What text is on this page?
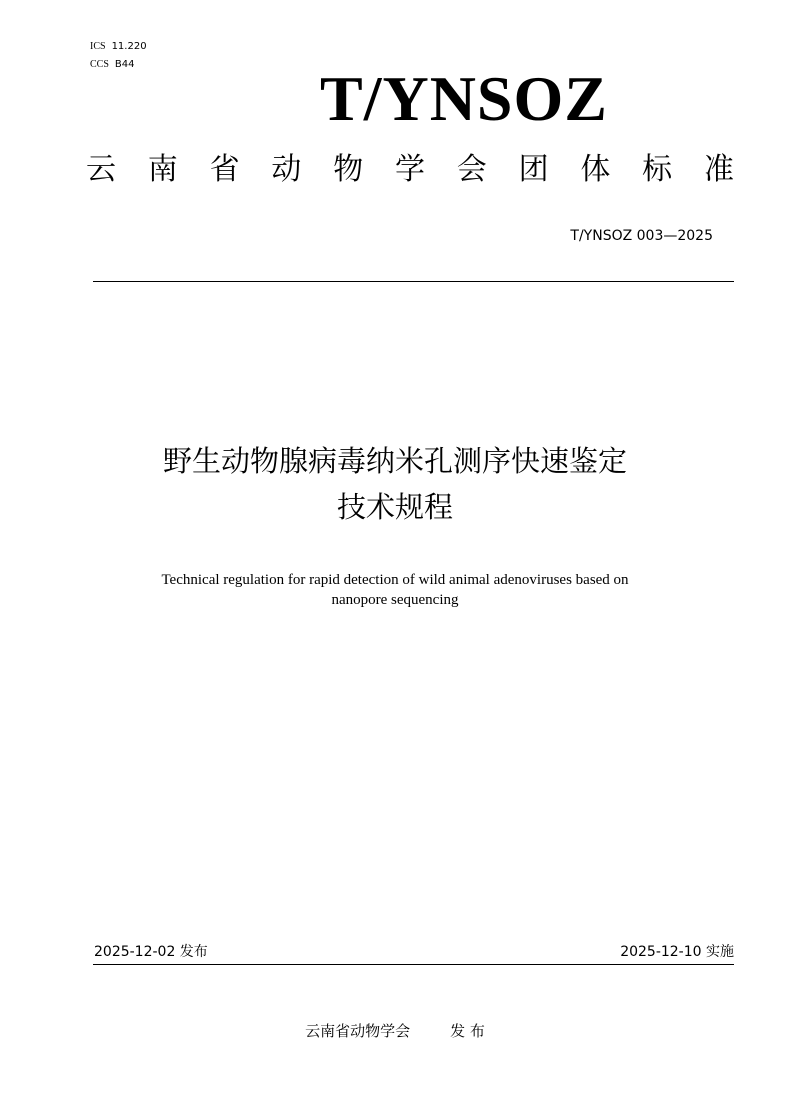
ICS 11.220
CCS B44	T/YNSOZ
云 南 省 动 物 学 会 团 体 标 准
T/YNSOZ 003—2025
野生动物腺病毒纳米孔测序快速鉴定
技术规程
Technical regulation for rapid detection of wild animal adenoviruses based on
nanopore sequencing
2025-12-02 发布	2025-12-10 实施
云南省动物学会	发 布
